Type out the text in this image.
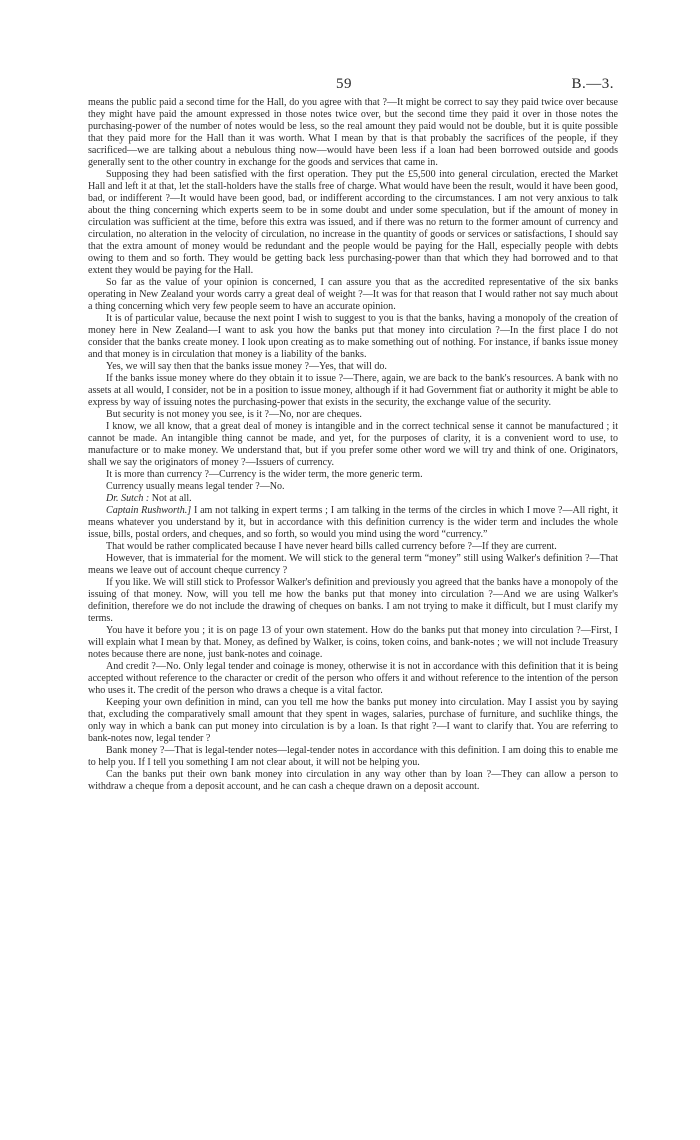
59	B.—3.

means the public paid a second time for the Hall, do you agree with that ?—It might be correct to say they paid twice over because they might have paid the amount expressed in those notes twice over, but the second time they paid it over in those notes the purchasing-power of the number of notes would be less, so the real amount they paid would not be double, but it is quite possible that they paid more for the Hall than it was worth. What I mean by that is that probably the sacrifices of the people, if they sacrificed—we are talking about a nebulous thing now—would have been less if a loan had been borrowed outside and goods generally sent to the other country in exchange for the goods and services that came in.

Supposing they had been satisfied with the first operation. They put the £5,500 into general circulation, erected the Market Hall and left it at that, let the stall-holders have the stalls free of charge. What would have been the result, would it have been good, bad, or indifferent ?—It would have been good, bad, or indifferent according to the circumstances. I am not very anxious to talk about the thing concerning which experts seem to be in some doubt and under some speculation, but if the amount of money in circulation was sufficient at the time, before this extra was issued, and if there was no return to the former amount of currency and circulation, no alteration in the velocity of circulation, no increase in the quantity of goods or services or satisfactions, I should say that the extra amount of money would be redundant and the people would be paying for the Hall, especially people with debts owing to them and so forth. They would be getting back less purchasing-power than that which they had borrowed and to that extent they would be paying for the Hall.

So far as the value of your opinion is concerned, I can assure you that as the accredited representative of the six banks operating in New Zealand your words carry a great deal of weight ?—It was for that reason that I would rather not say much about a thing concerning which very few people seem to have an accurate opinion.

It is of particular value, because the next point I wish to suggest to you is that the banks, having a monopoly of the creation of money here in New Zealand—I want to ask you how the banks put that money into circulation ?—In the first place I do not consider that the banks create money. I look upon creating as to make something out of nothing. For instance, if banks issue money and that money is in circulation that money is a liability of the banks.

Yes, we will say then that the banks issue money ?—Yes, that will do.

If the banks issue money where do they obtain it to issue ?—There, again, we are back to the bank's resources. A bank with no assets at all would, I consider, not be in a position to issue money, although if it had Government fiat or authority it might be able to express by way of issuing notes the purchasing-power that exists in the security, the exchange value of the security.

But security is not money you see, is it ?—No, nor are cheques.

I know, we all know, that a great deal of money is intangible and in the correct technical sense it cannot be manufactured ; it cannot be made. An intangible thing cannot be made, and yet, for the purposes of clarity, it is a convenient word to use, to manufacture or to make money. We understand that, but if you prefer some other word we will try and think of one. Originators, shall we say the originators of money ?—Issuers of currency.

It is more than currency ?—Currency is the wider term, the more generic term.

Currency usually means legal tender ?—No.

Dr. Sutch : Not at all.

Captain Rushworth.] I am not talking in expert terms ; I am talking in the terms of the circles in which I move ?—All right, it means whatever you understand by it, but in accordance with this definition currency is the wider term and includes the whole issue, bills, postal orders, and cheques, and so forth, so would you mind using the word “currency.”

That would be rather complicated because I have never heard bills called currency before ?—If they are current.

However, that is immaterial for the moment. We will stick to the general term “money” still using Walker's definition ?—That means we leave out of account cheque currency ?

If you like. We will still stick to Professor Walker's definition and previously you agreed that the banks have a monopoly of the issuing of that money. Now, will you tell me how the banks put that money into circulation ?—And we are using Walker's definition, therefore we do not include the drawing of cheques on banks. I am not trying to make it difficult, but I must clarify my terms.

You have it before you ; it is on page 13 of your own statement. How do the banks put that money into circulation ?—First, I will explain what I mean by that. Money, as defined by Walker, is coins, token coins, and bank-notes ; we will not include Treasury notes because there are none, just bank-notes and coinage.

And credit ?—No. Only legal tender and coinage is money, otherwise it is not in accordance with this definition that it is being accepted without reference to the character or credit of the person who offers it and without reference to the intention of the person who uses it. The credit of the person who draws a cheque is a vital factor.

Keeping your own definition in mind, can you tell me how the banks put money into circulation. May I assist you by saying that, excluding the comparatively small amount that they spent in wages, salaries, purchase of furniture, and suchlike things, the only way in which a bank can put money into circulation is by a loan. Is that right ?—I want to clarify that. You are referring to bank-notes now, legal tender ?

Bank money ?—That is legal-tender notes—legal-tender notes in accordance with this definition. I am doing this to enable me to help you. If I tell you something I am not clear about, it will not be helping you.

Can the banks put their own bank money into circulation in any way other than by loan ?—They can allow a person to withdraw a cheque from a deposit account, and he can cash a cheque drawn on a deposit account.
